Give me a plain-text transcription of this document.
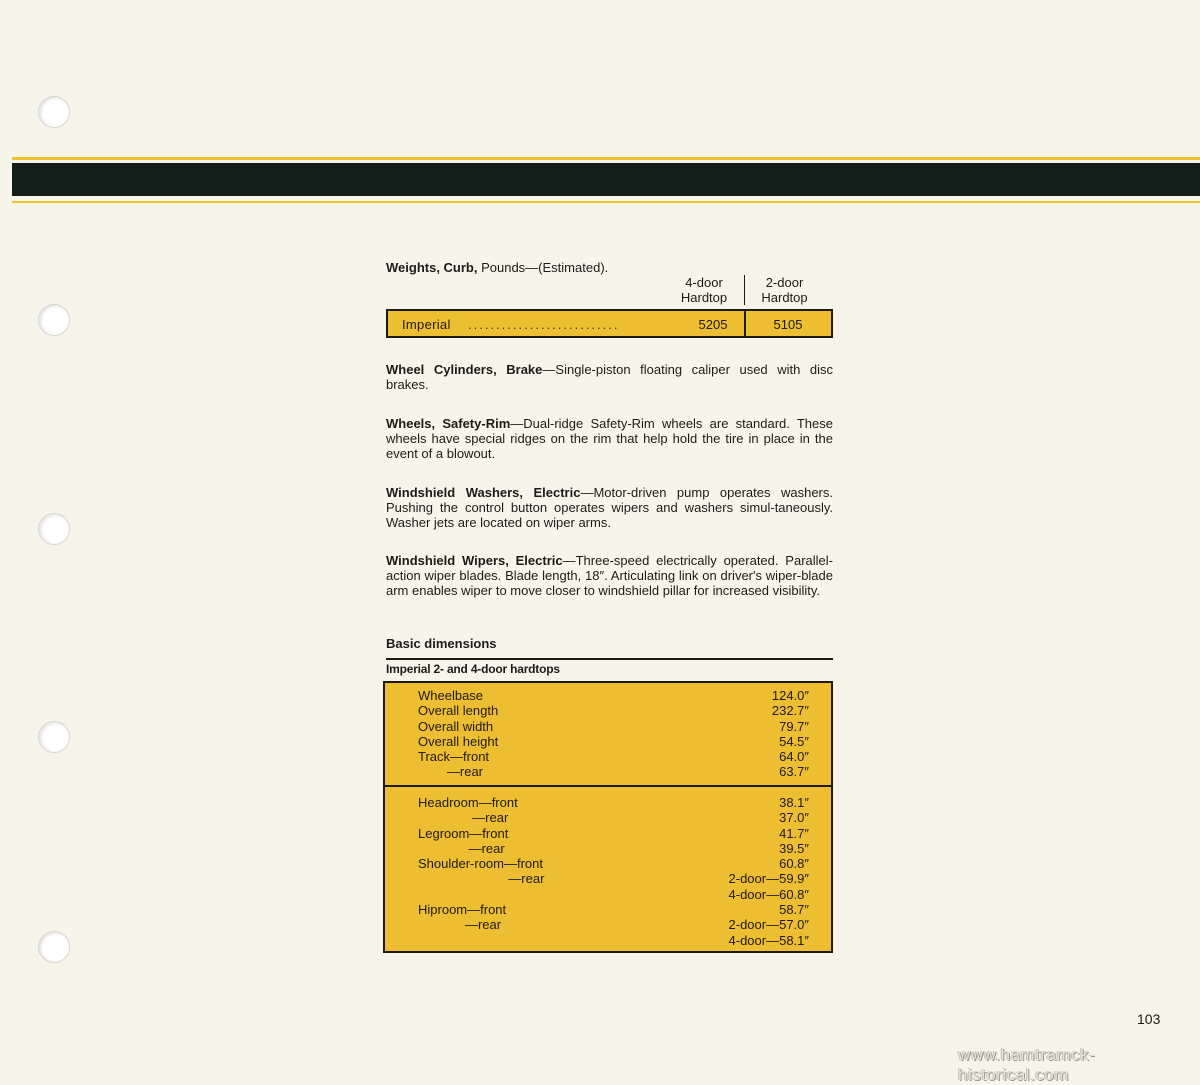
Weights, Curb, Pounds—(Estimated).
4-door
Hardtop
2-door
Hardtop
Imperial ...........................	5205	5105
Wheel Cylinders, Brake—Single-piston floating caliper used with disc brakes.
Wheels, Safety-Rim—Dual-ridge Safety-Rim wheels are standard. These wheels have special ridges on the rim that help hold the tire in place in the event of a blowout.
Windshield Washers, Electric—Motor-driven pump operates washers. Pushing the control button operates wipers and washers simul-taneously. Washer jets are located on wiper arms.
Windshield Wipers, Electric—Three-speed electrically operated. Parallel-action wiper blades. Blade length, 18″. Articulating link on driver's wiper-blade arm enables wiper to move closer to windshield pillar for increased visibility.
Basic dimensions
Imperial 2- and 4-door hardtops
Wheelbase	124.0″
Overall length	232.7″
Overall width	79.7″
Overall height	54.5″
Track—front	64.0″
—rear	63.7″
Headroom—front	38.1″
—rear	37.0″
Legroom—front	41.7″
—rear	39.5″
Shoulder-room—front	60.8″
—rear	2-door—59.9″
4-door—60.8″
Hiproom—front	58.7″
—rear	2-door—57.0″
4-door—58.1″
103
www.hamtramck-historical.com
